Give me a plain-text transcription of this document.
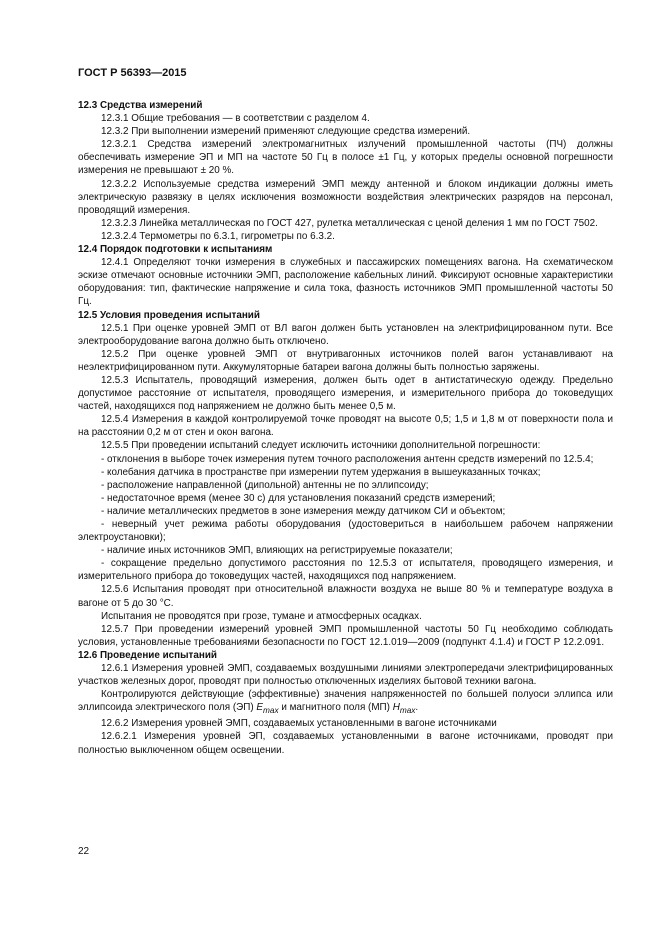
ГОСТ Р 56393—2015

12.3 Средства измерений

12.3.1 Общие требования — в соответствии с разделом 4.

12.3.2 При выполнении измерений применяют следующие средства измерений.

12.3.2.1 Средства измерений электромагнитных излучений промышленной частоты (ПЧ) должны обеспечивать измерение ЭП и МП на частоте 50 Гц в полосе ±1 Гц, у которых пределы основной погрешности измерения не превышают ± 20 %.

12.3.2.2 Используемые средства измерений ЭМП между антенной и блоком индикации должны иметь электрическую развязку в целях исключения возможности воздействия электрических разрядов на персонал, проводящий измерения.

12.3.2.3 Линейка металлическая по ГОСТ 427, рулетка металлическая с ценой деления 1 мм по ГОСТ 7502.

12.3.2.4 Термометры по 6.3.1, гигрометры по 6.3.2.

12.4 Порядок подготовки к испытаниям

12.4.1 Определяют точки измерения в служебных и пассажирских помещениях вагона. На схематическом эскизе отмечают основные источники ЭМП, расположение кабельных линий. Фиксируют основные характеристики оборудования: тип, фактические напряжение и сила тока, фазность источников ЭМП промышленной частоты 50 Гц.

12.5 Условия проведения испытаний

12.5.1 При оценке уровней ЭМП от ВЛ вагон должен быть установлен на электрифицированном пути. Все электрооборудование вагона должно быть отключено.

12.5.2 При оценке уровней ЭМП от внутривагонных источников полей вагон устанавливают на неэлектрифицированном пути. Аккумуляторные батареи вагона должны быть полностью заряжены.

12.5.3 Испытатель, проводящий измерения, должен быть одет в антистатическую одежду. Предельно допустимое расстояние от испытателя, проводящего измерения, и измерительного прибора до токоведущих частей, находящихся под напряжением не должно быть менее 0,5 м.

12.5.4 Измерения в каждой контролируемой точке проводят на высоте 0,5; 1,5 и 1,8 м от поверхности пола и на расстоянии 0,2 м от стен и окон вагона.

12.5.5 При проведении испытаний следует исключить источники дополнительной погрешности:

- отклонения в выборе точек измерения путем точного расположения антенн средств измерений по 12.5.4;

- колебания датчика в пространстве при измерении путем удержания в вышеуказанных точках;

- расположение направленной (дипольной) антенны не по эллипсоиду;

- недостаточное время (менее 30 с) для установления показаний средств измерений;

- наличие металлических предметов в зоне измерения между датчиком СИ и объектом;

- неверный учет режима работы оборудования (удостовериться в наибольшем рабочем напряжении электроустановки);

- наличие иных источников ЭМП, влияющих на регистрируемые показатели;

- сокращение предельно допустимого расстояния по 12.5.3 от испытателя, проводящего измерения, и измерительного прибора до токоведущих частей, находящихся под напряжением.

12.5.6 Испытания проводят при относительной влажности воздуха не выше 80 % и температуре воздуха в вагоне от 5 до 30 °С.

Испытания не проводятся при грозе, тумане и атмосферных осадках.

12.5.7 При проведении измерений уровней ЭМП промышленной частоты 50 Гц необходимо соблюдать условия, установленные требованиями безопасности по ГОСТ 12.1.019—2009 (подпункт 4.1.4) и ГОСТ Р 12.2.091.

12.6 Проведение испытаний

12.6.1 Измерения уровней ЭМП, создаваемых воздушными линиями электропередачи электрифицированных участков железных дорог, проводят при полностью отключенных изделиях бытовой техники вагона.

Контролируются действующие (эффективные) значения напряженностей по большей полуоси эллипса или эллипсоида электрического поля (ЭП) $E_{max}$ и магнитного поля (МП) $H_{max}$.

12.6.2 Измерения уровней ЭМП, создаваемых установленными в вагоне источниками

12.6.2.1 Измерения уровней ЭП, создаваемых установленными в вагоне источниками, проводят при полностью выключенном общем освещении.

22
